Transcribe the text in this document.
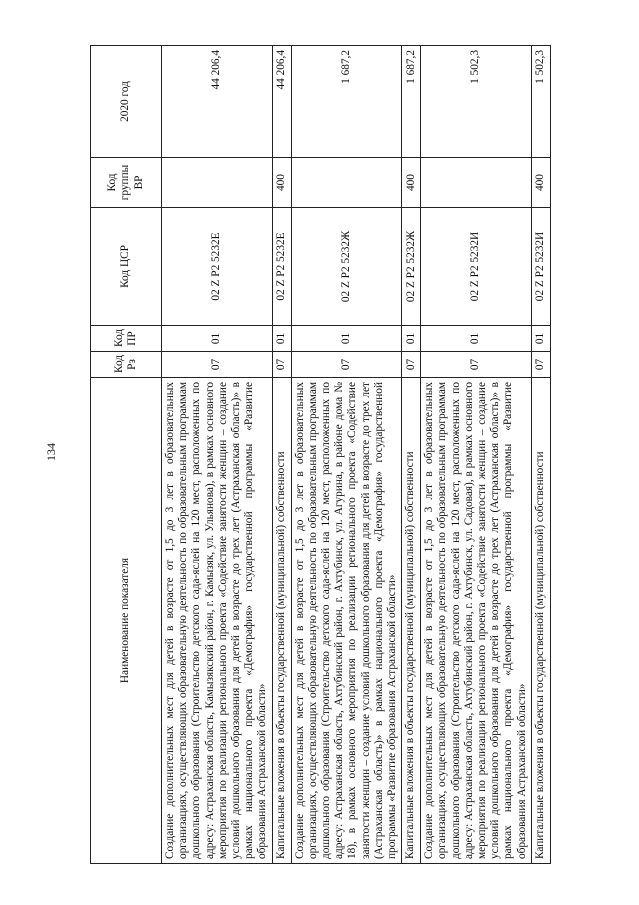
134
Наименование показателя	Код Рз	Код ПР	Код ЦСР	Код группы ВР	2020 год
Создание дополнительных мест для детей в возрасте от 1,5 до 3 лет в образовательных организациях, осуществляющих образовательную деятельность по образовательным программам дошкольного образования (Строительство детского сада-яслей на 120 мест, расположенных по адресу: Астраханская область, Камызякский район, г. Камызяк, ул. Ульянова), в рамках основного мероприятия по реализации регионального проекта «Содействие занятости женщин – создание условий дошкольного образования для детей в возрасте до трех лет (Астраханская область)» в рамках национального проекта «Демография» государственной программы «Развитие образования Астраханской области»	07	01	02 Z P2 5232Е		44 206,4
Капитальные вложения в объекты государственной (муниципальной) собственности	07	01	02 Z P2 5232Е	400	44 206,4
Создание дополнительных мест для детей в возрасте от 1,5 до 3 лет в образовательных организациях, осуществляющих образовательную деятельность по образовательным программам дошкольного образования (Строительство детского сада-яслей на 120 мест, расположенных по адресу: Астраханская область, Ахтубинский район, г. Ахтубинск, ул. Агурина, в районе дома № 18), в рамках основного мероприятия по реализации регионального проекта «Содействие занятости женщин – создание условий дошкольного образования для детей в возрасте до трех лет (Астраханская область)» в рамках национального проекта «Демография» государственной программы «Развитие образования Астраханской области»	07	01	02 Z P2 5232Ж		1 687,2
Капитальные вложения в объекты государственной (муниципальной) собственности	07	01	02 Z P2 5232Ж	400	1 687,2
Создание дополнительных мест для детей в возрасте от 1,5 до 3 лет в образовательных организациях, осуществляющих образовательную деятельность по образовательным программам дошкольного образования (Строительство детского сада-яслей на 120 мест, расположенных по адресу: Астраханская область, Ахтубинский район, г. Ахтубинск, ул. Садовая), в рамках основного мероприятия по реализации регионального проекта «Содействие занятости женщин – создание условий дошкольного образования для детей в возрасте до трех лет (Астраханская область)» в рамках национального проекта «Демография» государственной программы «Развитие образования Астраханской области»	07	01	02 Z P2 5232И		1 502,3
Капитальные вложения в объекты государственной (муниципальной) собственности	07	01	02 Z P2 5232И	400	1 502,3
